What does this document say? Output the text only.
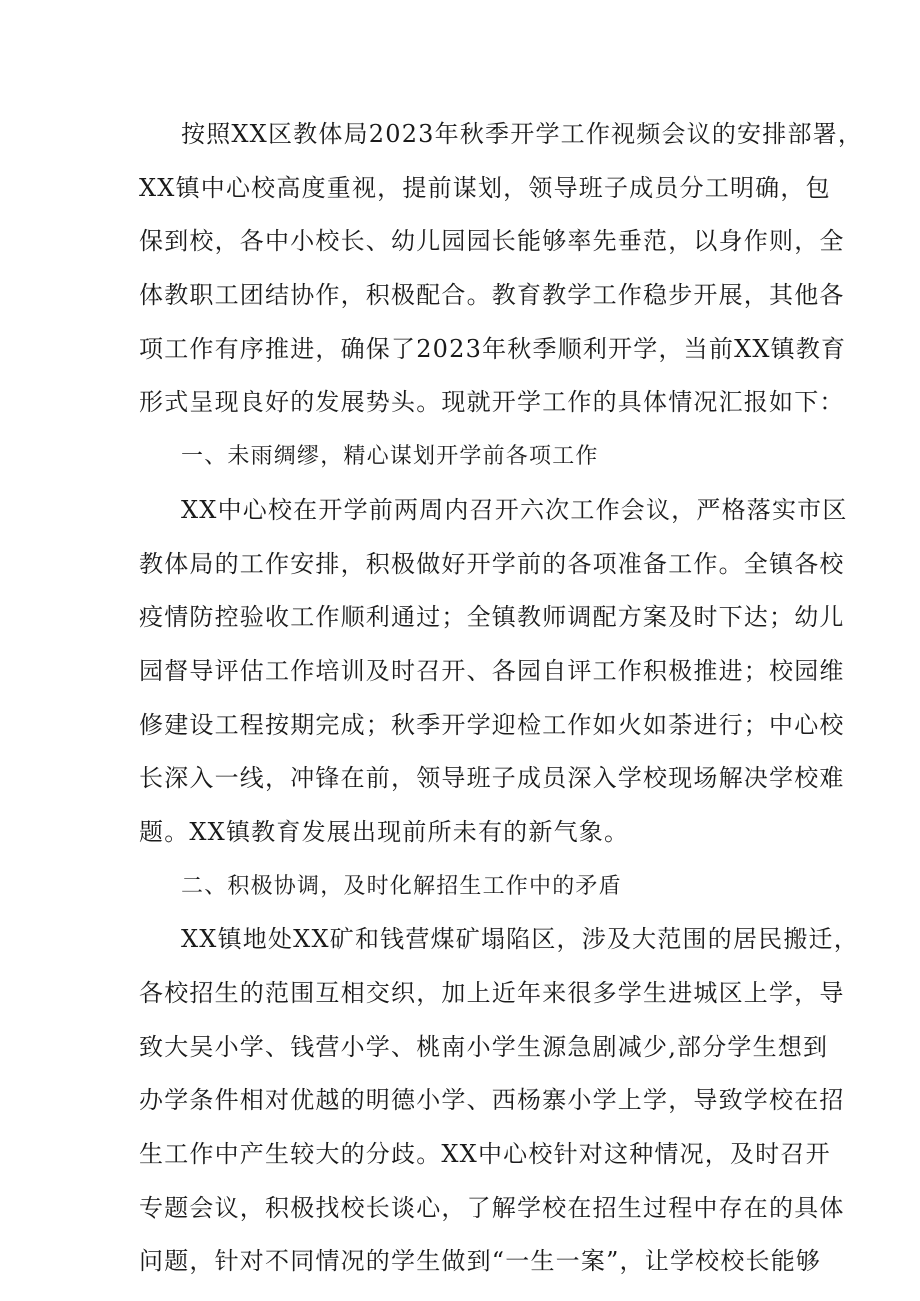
按照XX区教体局2023年秋季开学工作视频会议的安排部署，
XX镇中心校高度重视，提前谋划，领导班子成员分工明确，包
保到校，各中小校长、幼儿园园长能够率先垂范，以身作则，全
体教职工团结协作，积极配合。教育教学工作稳步开展，其他各
项工作有序推进，确保了2023年秋季顺利开学，当前XX镇教育
形式呈现良好的发展势头。现就开学工作的具体情况汇报如下：
一、未雨绸缪，精心谋划开学前各项工作
XX中心校在开学前两周内召开六次工作会议，严格落实市区
教体局的工作安排，积极做好开学前的各项准备工作。全镇各校
疫情防控验收工作顺利通过；全镇教师调配方案及时下达；幼儿
园督导评估工作培训及时召开、各园自评工作积极推进；校园维
修建设工程按期完成；秋季开学迎检工作如火如荼进行；中心校
长深入一线，冲锋在前，领导班子成员深入学校现场解决学校难
题。XX镇教育发展出现前所未有的新气象。
二、积极协调，及时化解招生工作中的矛盾
XX镇地处XX矿和钱营煤矿塌陷区，涉及大范围的居民搬迁，
各校招生的范围互相交织，加上近年来很多学生进城区上学，导
致大吴小学、钱营小学、桃南小学生源急剧减少,部分学生想到
办学条件相对优越的明德小学、西杨寨小学上学，导致学校在招
生工作中产生较大的分歧。XX中心校针对这种情况，及时召开
专题会议，积极找校长谈心，了解学校在招生过程中存在的具体
问题，针对不同情况的学生做到“一生一案”，让学校校长能够
